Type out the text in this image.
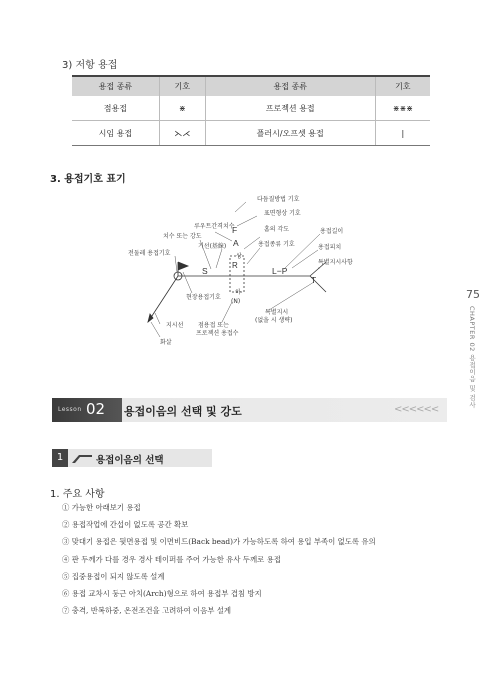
3) 저항 용접
용접 종류	기호	용접 종류	기호
점용접	⋇	프로젝션 용접	⋇⋇⋇
시임 용접	⋋⋌	플러시/오프셋 용접	|
3. 용접기호 표기
다듬질방법 기호
표면형상 기호
루우트간격치수	홈의 각도
치수 또는 강도
용접길이
기선(基線)	용접종류 기호	용접피치
전둘레 용접기호
특별지시사항
현장용접기호
상
하
(N)
지시선
화살
점용접 또는
프로젝션 용접수
특별지시
(없을 시 생략)
F
A
R
S	L−P
T
75
CHAPTER 02 용접이음 및 검사
Lesson 02 용접이음의 선택 및 강도	<<<<<<
1	용접이음의 선택
1. 주요 사항
① 가능한 아래보기 용접
② 용접작업에 간섭이 없도록 공간 확보
③ 맞대기 용접은 뒷면용접 및 이면비드(Back bead)가 가능하도록 하여 용입 부족이 없도록 유의
④ 판 두께가 다를 경우 경사 테이퍼를 주어 가능한 유사 두께로 용접
⑤ 집중용접이 되지 않도록 설계
⑥ 용접 교차시 둥근 아치(Arch)형으로 하여 용접부 겹침 방지
⑦ 충격, 반복하중, 온전조건을 고려하여 이음부 설계
